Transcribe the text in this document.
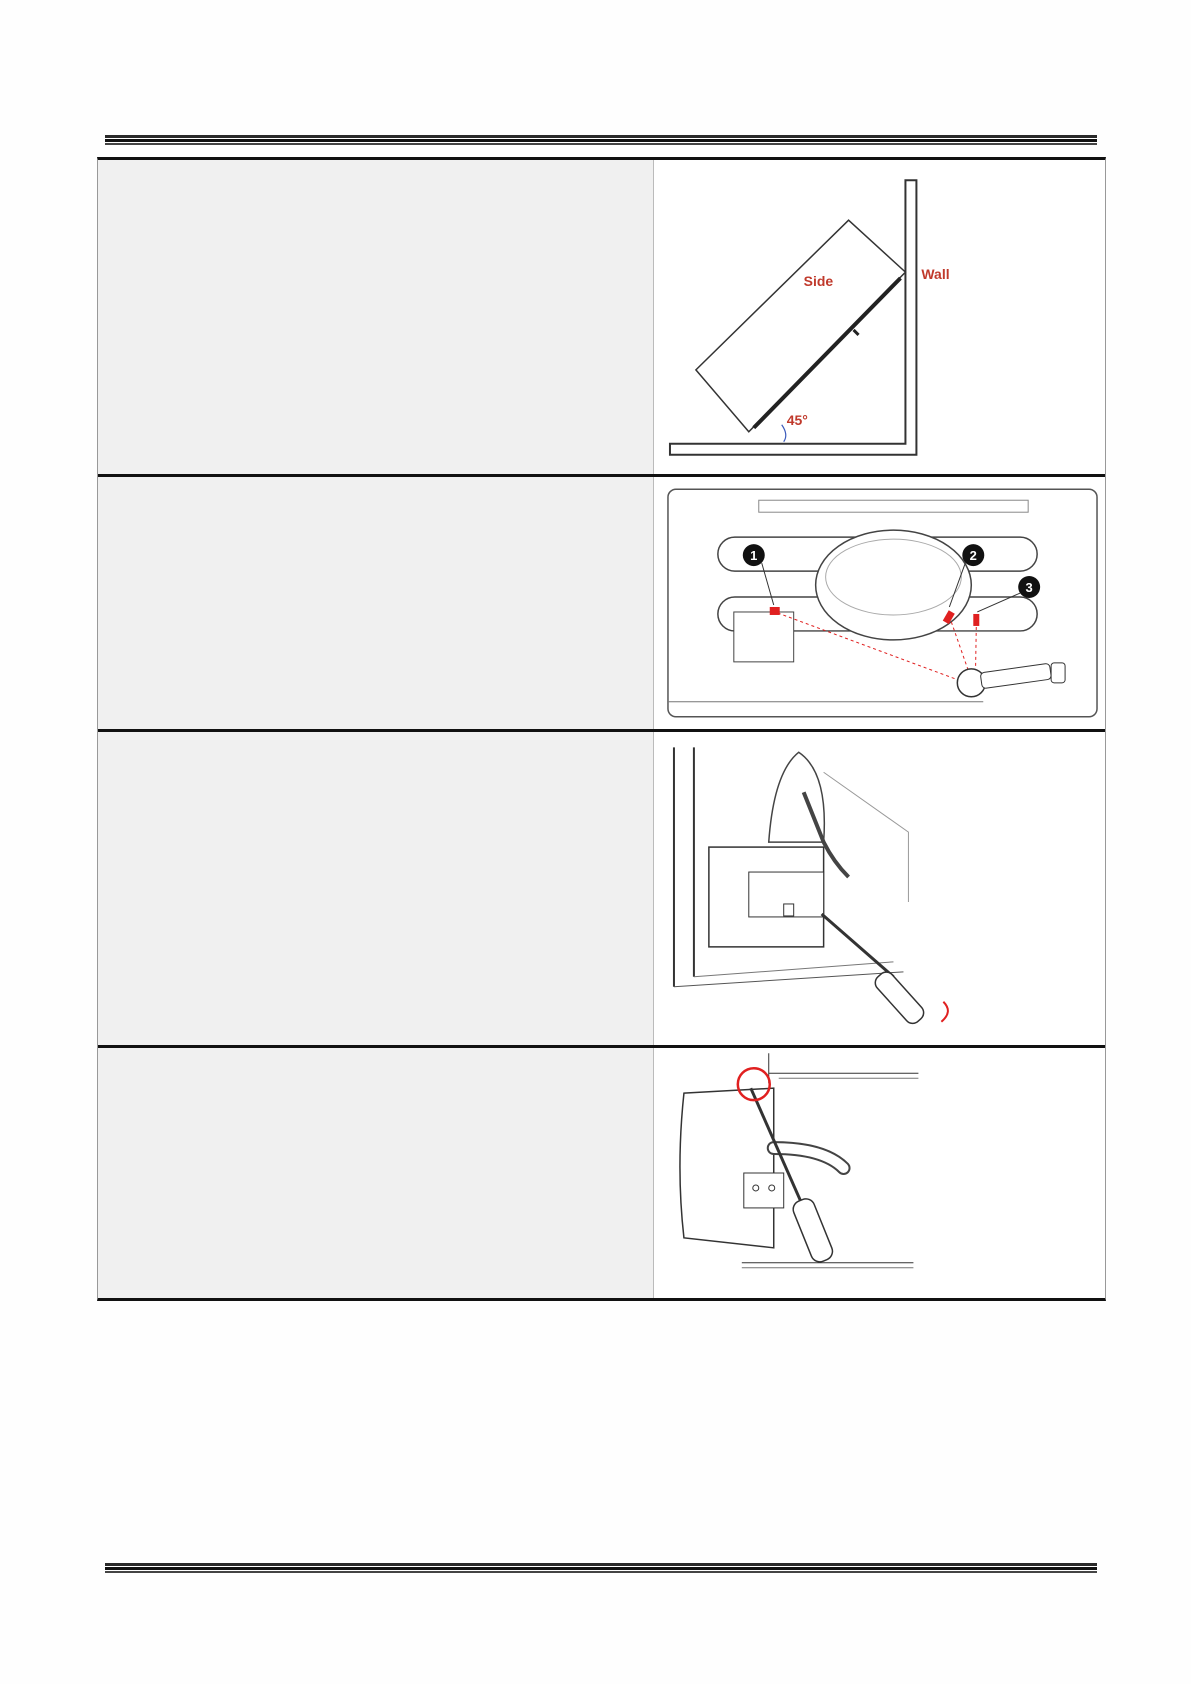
Side	Wall
45°
1	2
3
